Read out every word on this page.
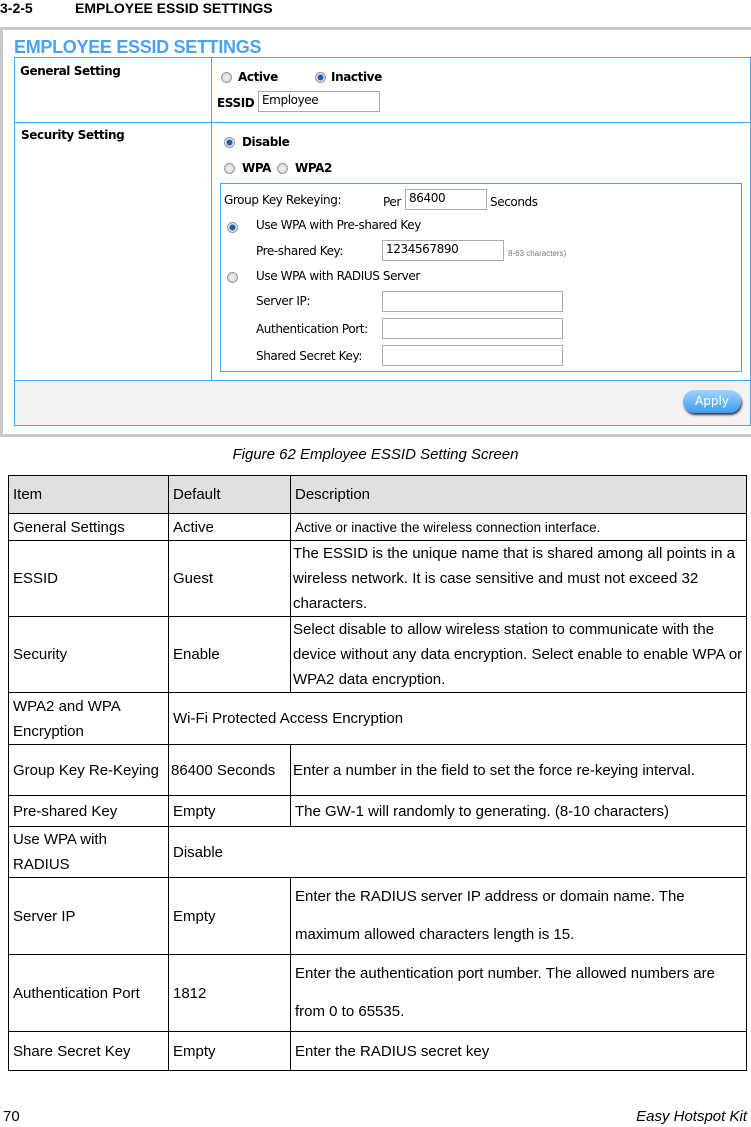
3-2-5	EMPLOYEE ESSID SETTINGS
EMPLOYEE ESSID SETTINGS
General Setting	Active	Inactive
ESSID Employee
Security Setting	Disable
WPA WPA2
Group Key Rekeying:	Per 86400	Seconds
Use WPA with Pre-shared Key
Pre-shared Key:	1234567890	8-63 characters)
Use WPA with RADIUS Server
Server IP:
Authentication Port:
Shared Secret Key:
Apply
Figure 62 Employee ESSID Setting Screen
Item	Default	Description
General Settings	Active	Active or inactive the wireless connection interface.
ESSID	Guest	The ESSID is the unique name that is shared among all points in a wireless network. It is case sensitive and must not exceed 32 characters.
Security	Enable	Select disable to allow wireless station to communicate with the device without any data encryption. Select enable to enable WPA or WPA2 data encryption.
WPA2 and WPA Encryption	Wi-Fi Protected Access Encryption	
Group Key Re-Keying	86400 Seconds	Enter a number in the field to set the force re-keying interval.
Pre-shared Key	Empty	The GW-1 will randomly to generating. (8-10 characters)
Use WPA with RADIUS	Disable	
Server IP	Empty	Enter the RADIUS server IP address or domain name. The maximum allowed characters length is 15.
Authentication Port	1812	Enter the authentication port number. The allowed numbers are from 0 to 65535.
Share Secret Key	Empty	Enter the RADIUS secret key
70	Easy Hotspot Kit
